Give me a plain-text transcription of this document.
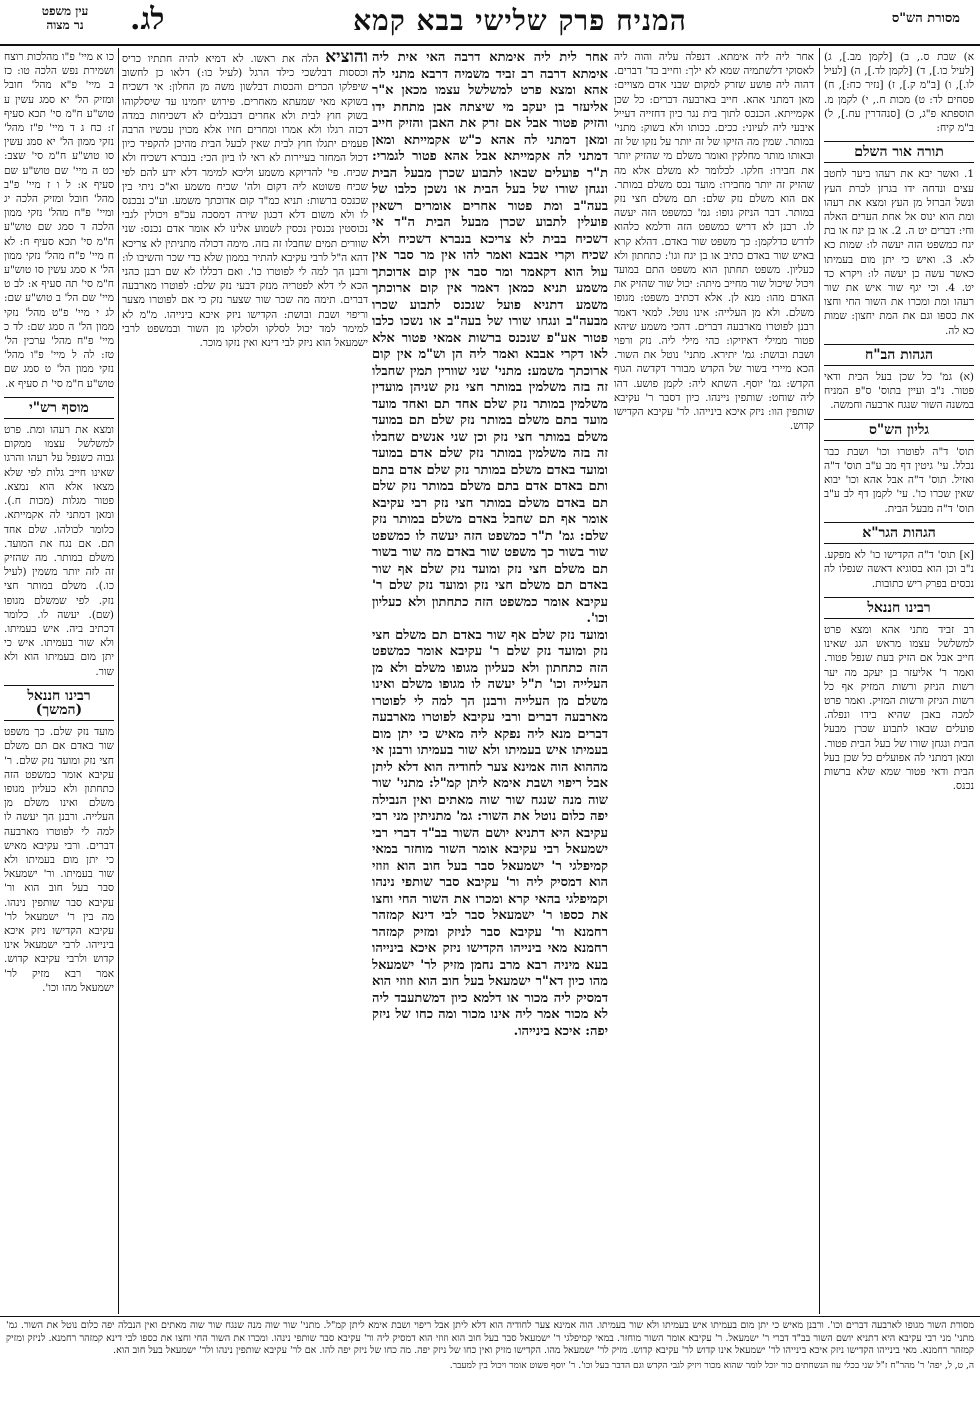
עין משפט
נר מצוה	לג.	המניח פרק שלישי בבא קמא	מסורת הש"ס

א) שבת ס., ב) [לקמן מב.], ג) [לעיל כו.], ד) [לקמן לד.], ה) [לעיל לו.], ו) [ב"מ ק.], ז) [נזיר כח:], ח) פסחים לד: ט) מכות ח., י) לקמן מ. תוספתא פ"ג, כ) [סנהדרין עח.], ל) ב"מ קיח:

תורה אור השלם

1. ואשר יבא את רעהו ביער לחטב עצים ונדחה ידו בגרזן לכרת העץ ונשל הברזל מן העץ ומצא את רעהו ומת הוא ינוס אל אחת הערים האלה וחי: דברים יט ה. 2. או בן יגח או בת יגח כמשפט הזה יעשה לו: שמות כא לא. 3. ואיש כי יתן מום בעמיתו כאשר עשה כן יעשה לו: ויקרא כד יט. 4. וכי יגף שור איש את שור רעהו ומת ומכרו את השור החי וחצו את כספו וגם את המת יחצון: שמות כא לה.

הגהות הב"ח

(א) גמ' כל שכן בעל הבית ודאי פטור. נ"ב ועיין בתוס' ס"פ המניח במשנה השור שנגח ארבעה וחמשה.

גליון הש"ס

תוס' ד"ה לפוטרו וכו' ושבת כבר נכלל. עי' גיטין דף מב ע"ב תוס' ד"ה ואזיל. תוס' ד"ה אבל אהא וכו' יבוא שאין שכרו כו'. עי' לקמן דף לב ע"ב תוס' ד"ה מבעל הבית.

הגהות הגר"א

[א] תוס' ד"ה הקדישו כו' לא מפקע. נ"ב וכן הוא בסוגיא דאשה שנפלו לה נכסים בפרק ריש כתובות.

רבינו חננאל

רב זביד מתני אהא ומצא פרט למשלשל עצמו מראש הגג שאינו חייב אבל אם הזיק בעת שנפל פטור. ואמר ר' אליעזר בן יעקב מה יער רשות הניזק ורשות המזיק אף כל רשות הניזק ורשות המזיק. ואמר פרט למכה באבן שהיא בידו ונפלה. פועלים שבאו לתבוע שכרן מבעל הבית ונגחן שורו של בעל הבית פטור. ומאן דמתני לה אפועלים כל שכן בעל הבית ודאי פטור שמא שלא ברשות נכנס.

אחר ליה ליה אימתא. דנפלה עליה והוה ליה לאסוקי דלשתמיה שמא לא ילך: וחייב בד' דברים. דהוה ליה פושע שזרק למקום שבני אדם מצויים: מאן דמתני אהא. חייב בארבעה דברים: כל שכן אקמייתא. הכנכס לתוך בית נגר כיון דחזייה דעייל איבעי ליה לעיוני: ככים. ככותו ולא בשוק: מתני' במותר. שמין מה הזיקו של זה יותר על נזקו של זה ובאותו מותר מחלקין ואומר משלם מי שהזיק יותר את חבירו: חלקו. לכלומר לא משלם אלא מה שהזיק זה יותר מחבירו: מועד נכס משלם במותר. אם הוא משלם נזק שלם: תם משלם חצי נזק במותר. דבר הניזק גופו: גמ' כמשפט הזה יעשה לו. רבנן לא דריש כמשפט הזה ודלמא כלהוא לדרש כדלקמן: כך משפט שור באדם. דהלא קרא באיש שור באדם כתיב או בן יגח וגו': כתחתון ולא כעליון. משפט תחתון הוא משפט התם במועד ויכול שיכול שור מחייב מיתה: יכול שור שהזיק את האדם מהו: מנא לן. אלא דכתיב משפט: מגופו משלם. ולא מן העלייה: אינו נוטל. למאי דאמר רבנן לפוטרו מארבעה דברים. דהכי משמע שיהא פטור ממילי דאיזיקו: כהי מילי ליה. נזק ורפוי ושבת ובושת: גמ' יתירא. מתני' נוטל את השור. הכא מיירי בשור של הקדש מבורר דקדשה הגוף הקדש: גמ' יוסף. השתא ליה: לקמן פושע. דהו ליה שוחט: שותפין ניינהו. כיון דסבר ר' עקיבא שותפין הוו: ניזק איכא בינייהו. לר' עקיבא הקדישו קדוש.

אחר לית ליה אימתא דרבה האי אית ליה אימתא דרבה רב זביד משמיה דרבא מתני לה אהא ומצא פרט למשלשל עצמו מכאן א"ר אליעזר בן יעקב מי שיצתה אבן מתחת ידו והזיק פטור אבל אם זרק את האבן והזיק חייב ומאן דמתני לה אהא כ"ש אקמייתא ומאן דמתני לה אקמייתא אבל אהא פטור לגמרי: ת"ר פועלים שבאו לתבוע שכרן מבעל הבית ונגחן שורו של בעל הבית או נשכן כלבו של בעה"ב ומת פטור אחרים אומרים רשאין פועלין לתבוע שכרן מבעל הבית ה"ד אי דשכיח בבית לא צריכא בנברא דשכיח ולא שכיח וקרי אבבא ואמר להו אין מר סבר אין עול הוא דקאמר ומר סבר אין קום אדוכתך משמע תניא כמאן דאמר אין קום ארוכתך משמע דתניא פועל שנכנס לתבוע שכרו מבעה"ב ונגחו שורו של בעה"ב או נשכו כלבו פטור אע"פ שנכנס ברשות אמאי פטור אלא לאו דקרי אבבא ואמר ליה הן וש"מ אין קום ארוכתך משמע: מתני' שני שוורין תמין שחבלו זה בזה משלמין במותר חצי נזק שניהן מועדין משלמין במותר נזק שלם אחד תם ואחד מועד מועד בתם משלם במותר נזק שלם תם במועד משלם במותר חצי נזק וכן שני אנשים שחבלו זה בזה משלמין במותר נזק שלם אדם במועד ומועד באדם משלם במותר נזק שלם אדם בתם ותם באדם אדם בתם משלם במותר נזק שלם תם באדם משלם במותר חצי נזק רבי עקיבא אומר אף תם שחבל באדם משלם במותר נזק שלם: גמ' ת"ר כמשפט הזה יעשה לו כמשפט שור בשור כך משפט שור באדם מה שור בשור תם משלם חצי נזק ומועד נזק שלם אף שור באדם תם משלם חצי נזק ומועד נזק שלם ר' עקיבא אומר כמשפט הזה כתחתון ולא כעליון וכו'.

ומועד נזק שלם אף שור באדם תם משלם חצי נזק ומועד נזק שלם ר' עקיבא אומר כמשפט הזה כתחתון ולא כעליון מגופו משלם ולא מן העלייה וכו' ת"ל יעשה לו מגופו משלם ואינו משלם מן העלייה ורבנן הך למה לי לפוטרו מארבעה דברים ורבי עקיבא לפוטרו מארבעה דברים מנא ליה נפקא ליה מאיש כי יתן מום בעמיתו איש בעמיתו ולא שור בעמיתו ורבנן אי מההוא הוה אמינא צער לחודיה הוא דלא ליתן אבל ריפוי ושבת אימא ליתן קמ"ל: מתני' שור שוה מנה שנגח שור שוה מאתים ואין הנבילה יפה כלום נוטל את השור: גמ' מתניתין מני רבי עקיבא היא דתניא יושם השור בב"ד דברי רבי ישמעאל רבי עקיבא אומר השור מוחזר במאי קמיפלגי ר' ישמעאל סבר בעל חוב הוא וזוזי הוא דמסיק ליה ור' עקיבא סבר שותפי נינהו וקמיפלגי בהאי קרא ומכרו את השור החי וחצו את כספו ר' ישמעאל סבר לבי דינא קמזהר רחמנא ור' עקיבא סבר לניזק ומזיק קמזהר רחמנא מאי בינייהו הקדישו ניזק איכא בינייהו בעא מיניה רבא מרב נחמן מזיק לר' ישמעאל מהו כיון דא"ר ישמעאל בעל חוב הוא וזוזי הוא דמסיק ליה מכור או דלמא כיון דמשתעבד ליה לא מכור אמר ליה אינו מכור ומה כחו של ניזק יפה: איכא בינייהו.

והוציא הלה את ראשו. לא דמיא להיה חתתיו כריס וכססות דבלשכי כילד הרגל (לעיל כו:) דלאו כן לחשוב שיפלקו הכרים והכסות דבלשון משה מן החלון: אי דשכיח בשוקא מאי שמעתא מאחרים. פירוש יחמינו עד שיסלקוהו בשוק חוץ לבית ולא אחרים דבגבלים לא דשכיחות במדה דכזה רגלו ולא אמרו ומחרים חזיו אלא מכוין עכשיו הרבה פעמים יתגלו חוץ לבית שאין לבעל הבית מהיכן להקפיד כיון דכול המחזר בעיירות לא ראי לו ביון הכי: בנברא דשכיח ולא שכיח. פי' להדיוקא משמע וליכא למימר דלא ידע להם לפי שכיח פשוטא ליה דקום ולה' שכיח משמע וא"כ ניתי בין שכנכס ברשות: תניא כמ"ד קום אדוכתך משמע. וע"כ נבכנס לו ולא משום דלא דכגון שירה דמסכה עכ"פ ויכולין לגבי נכוסטין נכנסין נכסין לשמוע אלינו לא אומר אדם נכנס: שני שוורים תמים שחבלו זה בזה. מימה דכולה מתניתין לא צריכא דהא ה"ל לרבי עקיבא להתיר בממון שלא כדי שכר והשיבו לו: ורבנן הך למה לי לפוטרו כו'. ואם דכללו לא שם רבנן כהני הכא לי דלא לפטריה מנזק דבעי נזק שלם: לפוטרו מארבעה דברים. תימה מה שכר שור שצער נזק כי אם לפוטרו מצער וריפוי ושבת ובושת: הקדישו ניזק איכא בינייהו. מ"מ לא למימר למד יכול לסלקו ולסלקו מן השור ובמשפט לרבי ישמעאל הוא ניזק לבי דינא ואין נזקו מוכר.

כו א מיי' פ"ו מהלכות רוצח ושמירת נפש הלכה טו: כז ב מיי' פ"א מהל' חובל ומזיק הל' יא סמג עשין ע טוש"ע ח"מ סי' תכא סעיף ז: כח ג ד מיי' פ"ז מהל' נזקי ממון הל' יא סמג עשין סו טוש"ע ח"מ סי' שצב: כט ה מיי' שם טוש"ע שם סעיף א: ל ו ז מיי' פ"ב מהל' חובל ומזיק הלכה יג ומיי' פ"ח מהל' נזקי ממון הלכה ד סמג שם טוש"ע ח"מ סי' תכא סעיף ח: לא ח מיי' פ"ח מהל' נזקי ממון הל' א סמג עשין סו טוש"ע ח"מ סי' תה סעיף א: לב ט מיי' שם הל' ב טוש"ע שם: לג י מיי' פ"ט מהל' נזקי ממון הל' ה סמג שם: לד כ מיי' פ"ח מהל' ערכין הל' טז: לה ל מיי' פ"ו מהל' נזקי ממון הל' ט סמג שם טוש"ע ח"מ סי' ת סעיף א.

מוסף רש"י

ומצא את רעהו ומת. פרט למשלשל עצמו ממקום גבוה כשנפל על רעהו והרגו שאינו חייב גלות לפי שלא מצאו אלא הוא נמצא. פטור מגלות (מכות ח.). ומאן דמתני לה אקמייתא. כלומר לכולהו. שלם אחד תם. אם נגח את המועד. משלם במותר. מה שהזיק זה לזה יותר משמין (לעיל כו.). משלם במותר חצי נזק. לפי שמשלם מגופו (שם). יעשה לו. כלומר דכתיב ביה. איש בעמיתו. ולא שור בעמיתו. איש כי יתן מום בעמיתו הוא ולא שור.

רבינו חננאל (המשך)

מועד נזק שלם. כך משפט שור באדם אם תם משלם חצי נזק ומועד נזק שלם. ר' עקיבא אומר כמשפט הזה כתחתון ולא כעליון מגופו משלם ואינו משלם מן העלייה. ורבנן הך יעשה לו למה לי לפוטרו מארבעה דברים. ורבי עקיבא מאיש כי יתן מום בעמיתו ולא שור בעמיתו. ור' ישמעאל סבר בעל חוב הוא ור' עקיבא סבר שותפין נינהו. מה בין ר' ישמעאל לר' עקיבא הקדישו ניזק איכא בינייהו. לרבי ישמעאל אינו קדוש ולרבי עקיבא קדוש. אמר רבא מזיק לר' ישמעאל מהו וכו'.

מסורת השור מגופו לארבעה דברים וכו'. ורבנן מאיש כי יתן מום בעמיתו איש בעמיתו ולא שור בעמיתו. הוה אמינא צער לחודיה הוא דלא ליתן אבל ריפוי ושבת אימא ליתן קמ"ל. מתני' שור שוה מנה שנגח שור שוה מאתים ואין הנבלה יפה כלום נוטל את השור. גמ' מתני' מני רבי עקיבא היא דתניא יושם השור בב"ד דברי ר' ישמעאל. ר' עקיבא אומר השור מוחזר. במאי קמיפלגי ר' ישמעאל סבר בעל חוב הוא וזוזי הוא דמסיק ליה ור' עקיבא סבר שותפי נינהו. ומכרו את השור החי וחצו את כספו לבי דינא קמזהר רחמנא. לניזק ומזיק קמזהר רחמנא. מאי בינייהו הקדישו ניזק איכא בינייהו לר' ישמעאל אינו קדוש לר' עקיבא קדוש. מזיק לר' ישמעאל מהו. הקדישו מזיק ואין כחו של ניזק יפה. מה כחו של ניזק יפה להו. אם לר' עקיבא שותפין נינהו ולר' ישמעאל בעל חוב הוא.

ה, ט, ל, יפה' ר' מהר"ח ז"ל שני בכלי עוז הנשחתים כור יוכל לומר שהוא מכור ויזיק לגבי הקדש וגם הדבר בעל וכו'. ר' יוסף פשוט אומר ויכול בין למעבר.
